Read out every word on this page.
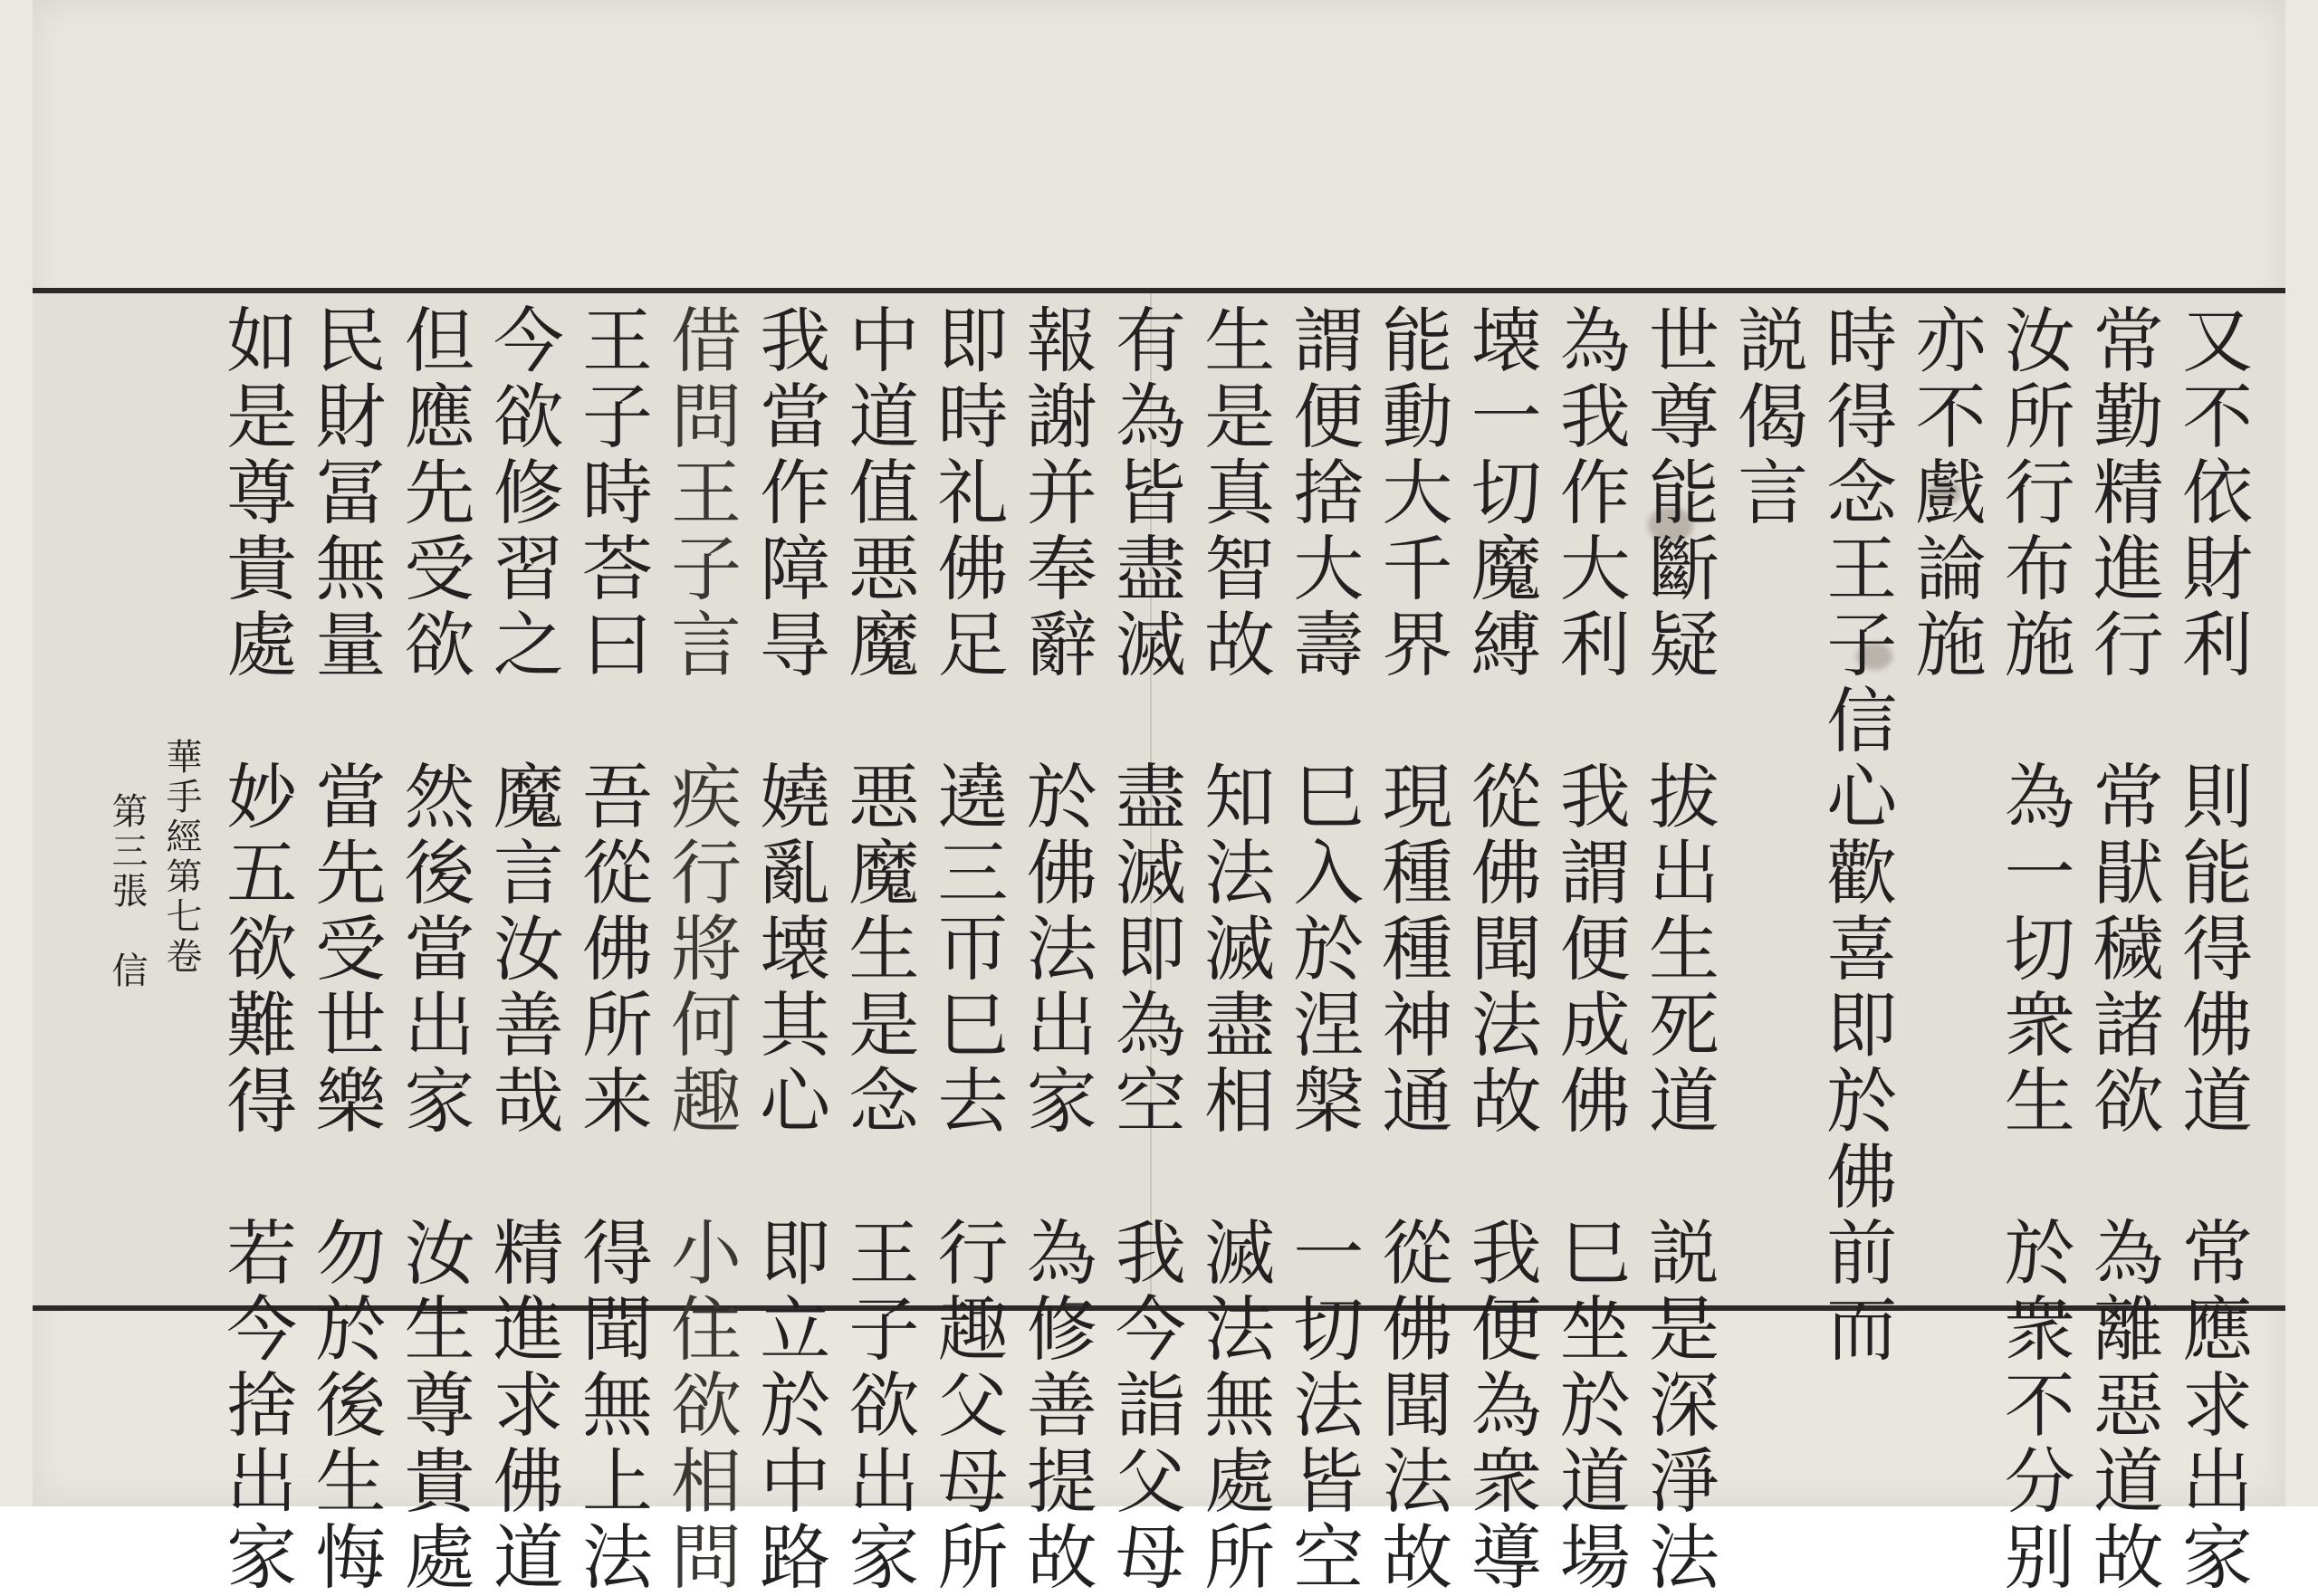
又不依財利　則能得佛道　常應求出家
常勤精進行　常猒穢諸欲　為離惡道故
汝所行布施　為一切衆生　於衆不分别
亦不戲論施
時得念王子信心歡喜即於佛前而
説偈言
世尊能斷疑　拔出生死道　説是深淨法
為我作大利　我謂便成佛　巳坐於道場
壊一切魔縛　從佛聞法故　我便為衆導
能動大千界　現種種神通　從佛聞法故
謂便捨大壽　巳入於涅槃　一切法皆空
生是真智故　知法滅盡相　滅法無處所
有為皆盡滅　盡滅即為空　我今詣父母
報謝并奉辭　於佛法出家　為修善提故
即時礼佛足　遶三帀巳去　行趣父母所
中道值悪魔　悪魔生是念　王子欲出家
我當作障㝵　嬈亂壊其心　即立於中路
借問王子言　疾行將何趣　小住欲相問
王子時荅曰　吾從佛所来　得聞無上法
今欲修習之　魔言汝善哉　精進求佛道
但應先受欲　然後當出家　汝生尊貴處
民財冨無量　當先受世樂　勿於後生悔
如是尊貴處　妙五欲難得　若今捨出家
華手經第七卷
第三張　信
